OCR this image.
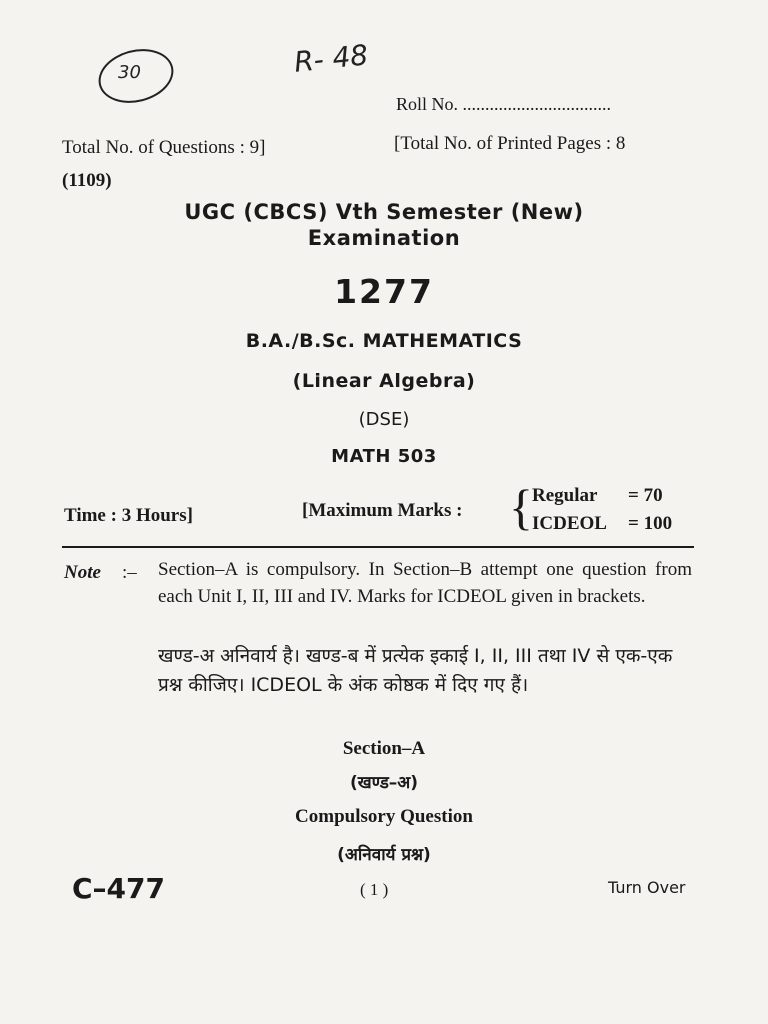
30	R- 48
Roll No. .................................
Total No. of Questions : 9]	[Total No. of Printed Pages : 8
(1109)
UGC (CBCS) Vth Semester (New)
Examination
1277
B.A./B.Sc. MATHEMATICS
(Linear Algebra)
(DSE)
MATH 503
Time : 3 Hours]	[Maximum Marks : { Regular = 70
ICDEOL = 100
Note :– Section–A is compulsory. In Section–B attempt one question from each Unit I, II, III and IV. Marks for ICDEOL given in brackets.
खण्ड-अ अनिवार्य है। खण्ड-ब में प्रत्येक इकाई I, II, III तथा IV से एक-एक प्रश्न कीजिए। ICDEOL के अंक कोष्ठक में दिए गए हैं।
Section–A
(खण्ड–अ)
Compulsory Question
(अनिवार्य प्रश्न)
C–477	( 1 )	Turn Over
